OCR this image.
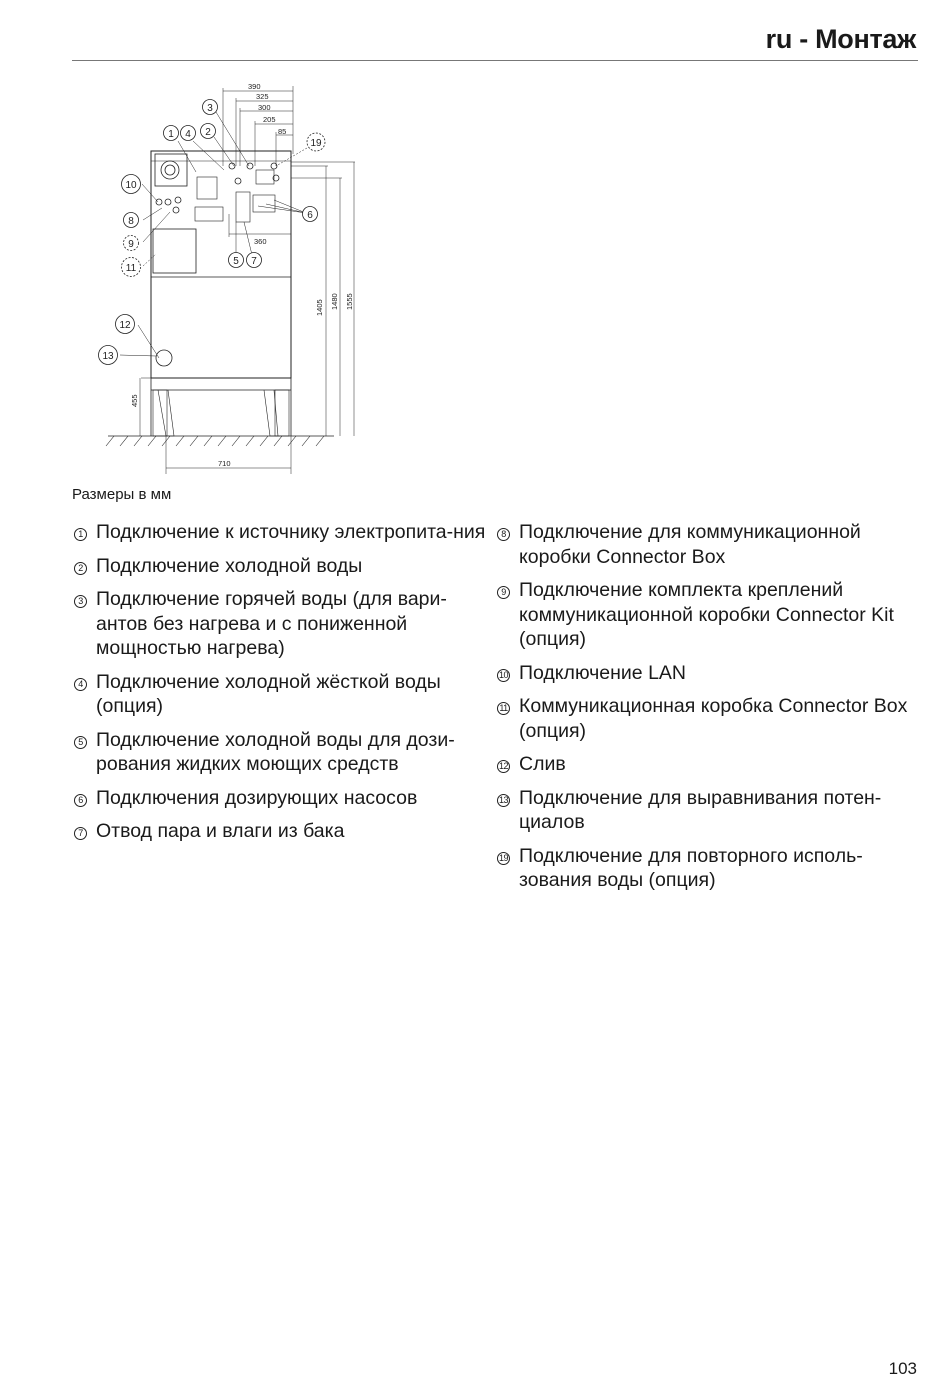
ru - Монтаж
390
325
300
205
85
360
1405 1480 1555
455
710
3
1 4 2
19
10
8
9
11
6
5 7
12
13
Размеры в мм
1 Подключение к источнику электропита-ния
2 Подключение холодной воды
3 Подключение горячей воды (для вари-антов без нагрева и с пониженной мощностью нагрева)
4 Подключение холодной жёсткой воды (опция)
5 Подключение холодной воды для дози-рования жидких моющих средств
6 Подключения дозирующих насосов
7 Отвод пара и влаги из бака
8 Подключение для коммуникационной коробки Connector Box
9 Подключение комплекта креплений коммуникационной коробки Connector Kit (опция)
10 Подключение LAN
11 Коммуникационная коробка Connector Box (опция)
12 Слив
13 Подключение для выравнивания потен-циалов
19 Подключение для повторного исполь-зования воды (опция)
103
